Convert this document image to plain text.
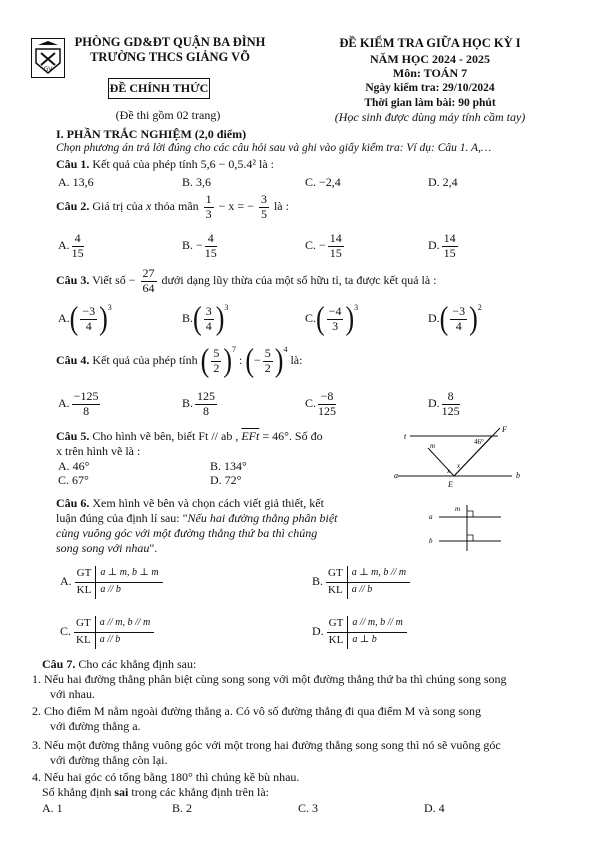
GV
PHÒNG GD&ĐT QUẬN BA ĐÌNH
TRƯỜNG THCS GIẢNG VÕ
ĐỀ CHÍNH THỨC
(Đề thi gồm 02 trang)
ĐỀ KIỂM TRA GIỮA HỌC KỲ I
NĂM HỌC 2024 - 2025
Môn: TOÁN 7
Ngày kiểm tra: 29/10/2024
Thời gian làm bài: 90 phút
(Học sinh được dùng máy tính cầm tay)
I. PHẦN TRẮC NGHIỆM (2,0 điểm)
Chọn phương án trả lời đúng cho các câu hỏi sau và ghi vào giấy kiểm tra: Ví dụ: Câu 1. A,…
Câu 1. Kết quả của phép tính 5,6 − 0,5.4² là :
A. 13,6	B. 3,6	C. −2,4	D. 2,4
Câu 2. Giá trị của x thỏa mãn $\frac{1}{3} - x$ = − $\frac{3}{5}$ là :
A. $\frac{4}{15}$	B. − $\frac{4}{15}$	C. − $\frac{14}{15}$	D. $\frac{14}{15}$
Câu 3. Viết số − $\frac{27}{64}$ dưới dạng lũy thừa của một số hữu tỉ, ta được kết quả là :
$A.( \frac{-3}{4} )^3$
$B.( \frac{3}{4} )^3$
$C.( \frac{-4}{3} )^3$
$D.( \frac{-3}{4} )^2$
Câu 4. Kết quả của phép tính ( $\frac{5}{2} )^7$ : (− $\frac{5}{2} )^4$ là:
A. $\frac{-125}{8}$	B. $\frac{125}{8}$	C. $\frac{-8}{125}$	D. $\frac{8}{125}$
Câu 5. Cho hình vẽ bên, biết Ft // ab , $\overline{EFt} = 46^\circ$. Số đo
x trên hình vẽ là :
A. 46°	B. 134°
C. 67°	D. 72°
t
F
m	46°
a	b
E
x
x
Câu 6. Xem hình vẽ bên và chọn cách viết giả thiết, kết
luận đúng của định lí sau: "Nếu hai đường thẳng phân biệt
cùng vuông góc với một đường thẳng thứ ba thì chúng
song song với nhau".
m
a
b
A.
GT a ⊥ m, b ⊥ m
KL a // b
B.
GT a ⊥ m, b // m
KL a // b
C.
GT a // m, b // m
KL a // b
D.
GT a // m, b // m
KL a ⊥ b
Câu 7. Cho các khẳng định sau:
1. Nếu hai đường thẳng phân biệt cùng song song với một đường thẳng thứ ba thì chúng song song
với nhau.
2. Cho điểm M nằm ngoài đường thẳng a. Có vô số đường thẳng đi qua điểm M và song song
với đường thẳng a.
3. Nếu một đường thẳng vuông góc với một trong hai đường thẳng song song thì nó sẽ vuông góc
với đường thẳng còn lại.
4. Nếu hai góc có tổng bằng 180° thì chúng kề bù nhau.
Số khẳng định sai trong các khẳng định trên là:
A. 1	B. 2	C. 3	D. 4
